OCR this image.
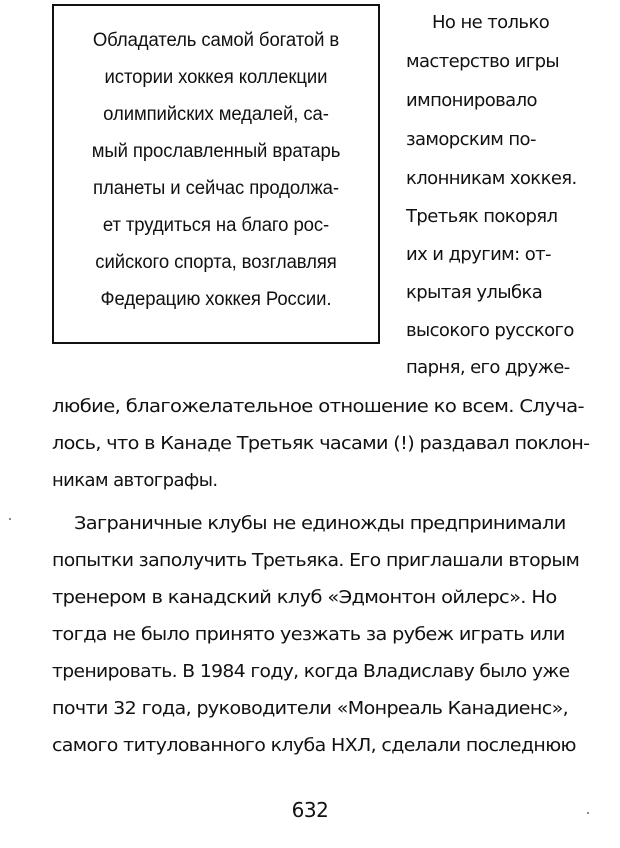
Обладатель самой богатой в
истории хоккея коллекции
олимпийских медалей, са-
мый прославленный вратарь
планеты и сейчас продолжа-
ет трудиться на благо рос-
сийского спорта, возглавляя
Федерацию хоккея России.
Но не только
мастерство игры
импонировало
заморским по-
клонникам хоккея.
Третьяк покорял
их и другим: от-
крытая улыбка
высокого русского
парня, его друже-
любие, благожелательное отношение ко всем. Случа-
лось, что в Канаде Третьяк часами (!) раздавал поклон-
никам автографы.
Заграничные клубы не единожды предпринимали
попытки заполучить Третьяка. Его приглашали вторым
тренером в канадский клуб «Эдмонтон ойлерс». Но
тогда не было принято уезжать за рубеж играть или
тренировать. В 1984 году, когда Владиславу было уже
почти 32 года, руководители «Монреаль Канадиенс»,
самого титулованного клуба НХЛ, сделали последнюю
632
